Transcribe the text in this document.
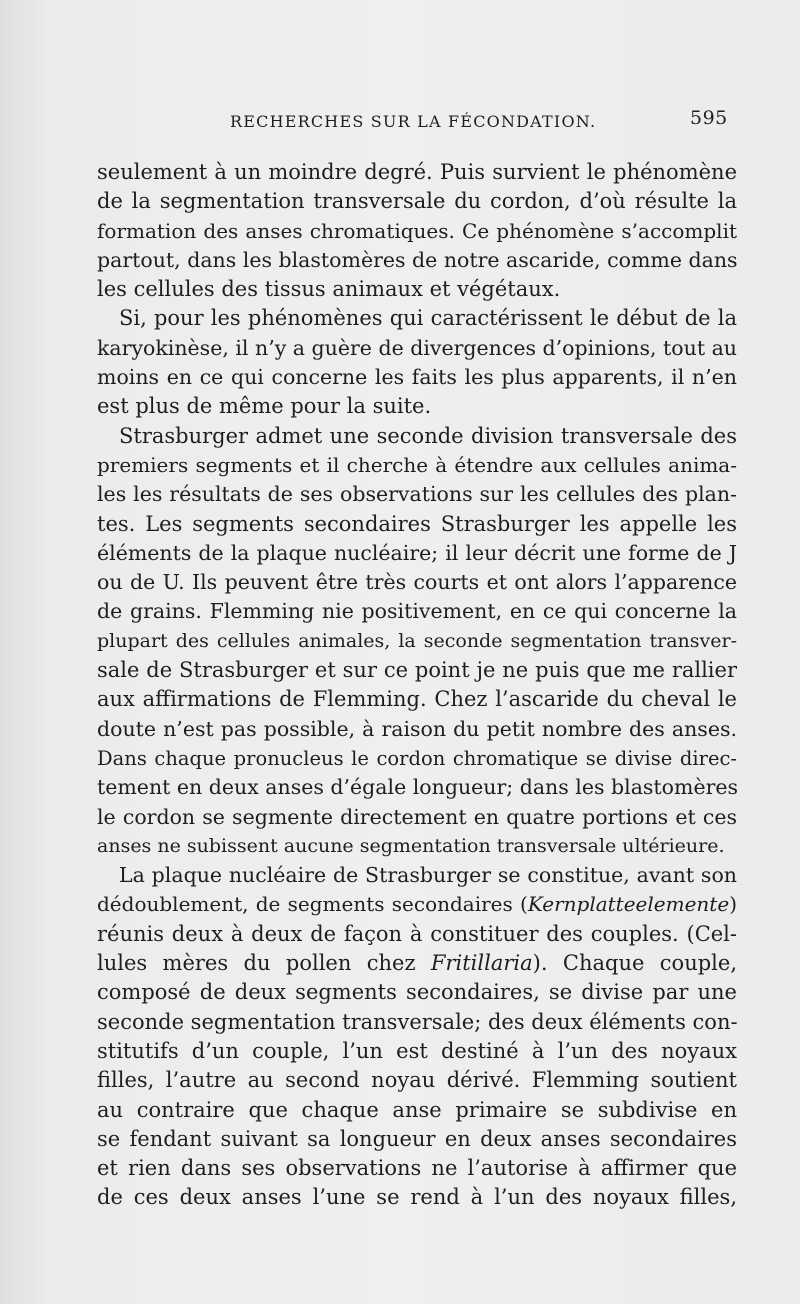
RECHERCHES SUR LA FÉCONDATION.	595
seulement à un moindre degré. Puis survient le phénomène
de la segmentation transversale du cordon, d’où résulte la
formation des anses chromatiques. Ce phénomène s’accomplit
partout, dans les blastomères de notre ascaride, comme dans
les cellules des tissus animaux et végétaux.
Si, pour les phénomènes qui caractérissent le début de la
karyokinèse, il n’y a guère de divergences d’opinions, tout au
moins en ce qui concerne les faits les plus apparents, il n’en
est plus de même pour la suite.
Strasburger admet une seconde division transversale des
premiers segments et il cherche à étendre aux cellules anima-
les les résultats de ses observations sur les cellules des plan-
tes. Les segments secondaires Strasburger les appelle les
éléments de la plaque nucléaire; il leur décrit une forme de J
ou de U. Ils peuvent être très courts et ont alors l’apparence
de grains. Flemming nie positivement, en ce qui concerne la
plupart des cellules animales, la seconde segmentation transver-
sale de Strasburger et sur ce point je ne puis que me rallier
aux affirmations de Flemming. Chez l’ascaride du cheval le
doute n’est pas possible, à raison du petit nombre des anses.
Dans chaque pronucleus le cordon chromatique se divise direc-
tement en deux anses d’égale longueur; dans les blastomères
le cordon se segmente directement en quatre portions et ces
anses ne subissent aucune segmentation transversale ultérieure.
La plaque nucléaire de Strasburger se constitue, avant son
dédoublement, de segments secondaires (Kernplatteelemente)
réunis deux à deux de façon à constituer des couples. (Cel-
lules mères du pollen chez Fritillaria). Chaque couple,
composé de deux segments secondaires, se divise par une
seconde segmentation transversale; des deux éléments con-
stitutifs d’un couple, l’un est destiné à l’un des noyaux
filles, l’autre au second noyau dérivé. Flemming soutient
au contraire que chaque anse primaire se subdivise en
se fendant suivant sa longueur en deux anses secondaires
et rien dans ses observations ne l’autorise à affirmer que
de ces deux anses l’une se rend à l’un des noyaux filles,
